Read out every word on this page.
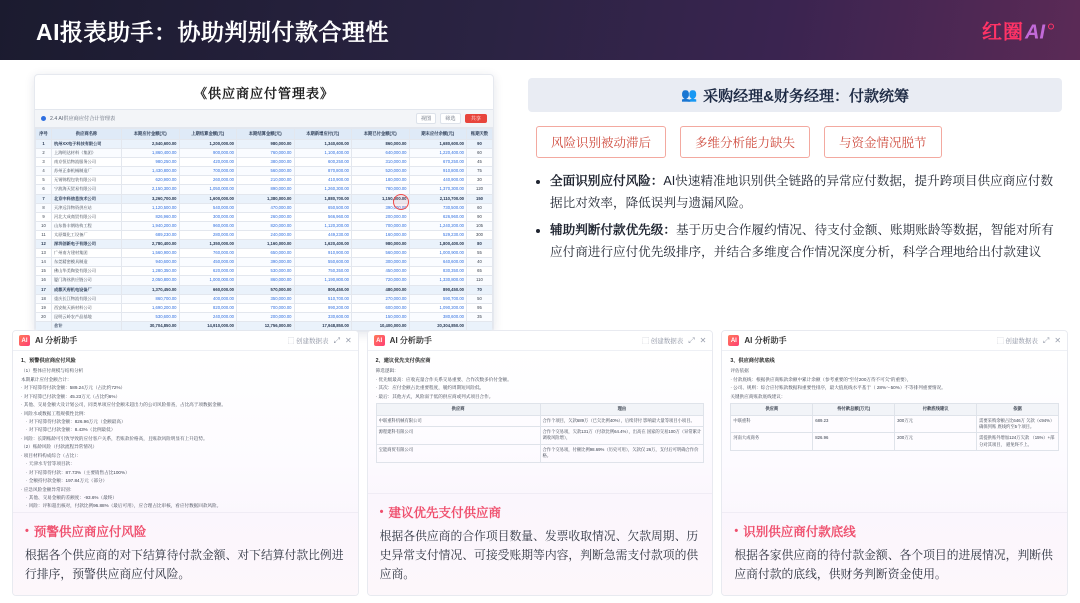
AI报表助手：协助判别付款合理性	红圈 AI
《供应商应付管理表》
2.4 AI供应商应付合计管理表	视图	筛选	共享
序号	供应商名称	本期应付金额(元)	上期结算金额(元)	本期结算金额(元)	本期新增应付(元)	本期已付金额(元)	期末应付余额(元)	账期天数
1	杭州XX电子科技有限公司	2,540,600.00	1,200,000.00	980,000.00	1,340,600.00	860,000.00	1,680,600.00	90
2	上海明达材料（集团）	1,860,400.00	900,000.00	760,000.00	1,100,400.00	640,000.00	1,220,400.00	60
3	南京恒信物流服务公司	980,250.00	420,000.00	380,000.00	600,250.00	310,000.00	670,250.00	45
4	苏州正泰机械制造厂	1,430,800.00	700,000.00	560,000.00	870,800.00	520,000.00	910,800.00	75
5	无锡锦程包装有限公司	620,900.00	260,000.00	210,000.00	410,900.00	180,000.00	440,900.00	30
6	宁波海天贸易有限公司	2,150,300.00	1,050,000.00	890,000.00	1,260,300.00	780,000.00	1,370,300.00	120
7	北京中科信息技术公司	3,260,700.00	1,600,000.00	1,380,000.00	1,880,700.00	1,150,000.00	2,110,700.00	150
8	天津远洋物资供应站	1,120,500.00	540,000.00	470,000.00	650,500.00	390,000.00	730,500.00	60
9	河北大成商贸有限公司	826,960.00	300,000.00	260,000.00	566,960.00	200,000.00	626,960.00	90
10	山东鲁丰钢结构工程	1,940,200.00	960,000.00	820,000.00	1,120,200.00	700,000.00	1,240,200.00	105
11	太原煤化工设备厂	689,230.00	280,000.00	240,000.00	449,230.00	160,000.00	529,230.00	300
12	深圳创新电子有限公司	2,780,400.00	1,350,000.00	1,160,000.00	1,620,400.00	980,000.00	1,800,400.00	80
13	广州南方建材集团	1,560,900.00	760,000.00	650,000.00	910,900.00	560,000.00	1,000,900.00	55
14	东莞精密模具制造	940,600.00	450,000.00	390,000.00	550,600.00	300,000.00	640,600.00	40
15	佛山华美陶瓷有限公司	1,280,350.00	620,000.00	530,000.00	750,350.00	450,000.00	830,350.00	65
16	厦门海丝供应链公司	2,050,800.00	1,000,000.00	860,000.00	1,190,800.00	720,000.00	1,330,800.00	110
17	成都天府机电设备厂	1,370,450.00	660,000.00	570,000.00	800,450.00	480,000.00	890,450.00	70
18	重庆长江物流有限公司	860,700.00	400,000.00	350,000.00	510,700.00	270,000.00	590,700.00	50
19	西安航天新材料公司	1,690,200.00	820,000.00	700,000.00	990,200.00	600,000.00	1,090,200.00	95
20	昆明云岭农产品基地	530,600.00	240,000.00	200,000.00	330,600.00	150,000.00	380,600.00	35
	合计	30,704,850.00	14,910,000.00	12,756,000.00	17,948,850.00	10,400,000.00	20,304,850.00	
👥 采购经理&财务经理：付款统筹
风险识别被动滞后	多维分析能力缺失	与资金情况脱节
• 全面识别应付风险：AI快速精准地识别供全链路的异常应付数据，提升跨项目供应商应付数据比对效率，降低误判与遗漏风险。
• 辅助判断付款优先级：基于历史合作履约情况、待支付金额、账期账龄等数据，智能对所有应付商进行应付优先级排序，并结合多维度合作情况深度分析，科学合理地给出付款建议
AI AI 分析助手	⬚ 创建数据表 ⤢ ✕
1、预警供应商应付风险

（1）整体应付规模与结构分析

本期累计应付金额合计：

· 对下结算待付款金额：589.24万元（占比约72%）

· 对下结算已付款金额：45.23万元（占比约6%）

· 其他、交易金额大及计划公司，同类单项应付金额未超出力的公司风险排查，占比高于项数据金额。

· 风险水或数据工程规模性比例：

· 对下结算待付款金额：826.96万元（金额最高）

· 对下结算已付款金额：8.43%（比例最低）

· 风险：长期账龄可引致导致的应付客户关系，若账款价格高，且账款风险明显有上升趋势。

（2）账龄风险（付款流程异常情况）

· 项目材料构成综合（占比）：

· 天津水专营等项目款：

· 对下结算待付款：87.73%（主要销售占比100%）

· 全额持付款金额：197.84万元（部分）

· 应急风险金额异常识别：

· 其他、交易金额的差额度：-93.6%（最终）

· 风险：评和超出核对，付款比例96.88%（最后可用），应合理占比审核，看应付数据回款风险。

• 预警供应商应付风险
根据各个供应商的对下结算待付款金额、对下结算付款比例进行排序，预警供应商应付风险。
AI AI 分析助手	⬚ 创建数据表 ⤢ ✕
2、建议优先支付供应商

筛选逻辑：

· 优先级最高：应收充量合作关系交易重要、合作次数多价付金额。

· 其次：应付金额占比重要程度，履约周期短风险低。

· 最后：其他方式，风险弱于低的供应商或列式项目合作。

供应商	理由
中联重科机械有限公司	合作个项目，欠款689万（已欠比例40%），后续待付 影响最大量等项目小项目。
源程建科有限公司	合作个交易项，欠款131万（付款比例64.4%），出高在 国家的交易100万（异常累计调收风险增），
宝能商贸有限公司	合作个交易项，付额比例98.69%（历史可用），欠款仅 26万，支付后可明确合作价格。
• 建议优先支付供应商
根据各供应商的合作项目数量、发票收取情况、欠款周期、历史异常支付情况、可接受账期等内容，判断急需支付款项的供应商。
AI AI 分析助手	⬚ 创建数据表 ⤢ ✕
3、供应商付款底线

评估依据

· 付款底线：根据供应商账款余额中累计余额（参考重要的“至付200万待不可欠”的重要），

· 公司、规则：综合应付账款数据和重要性排序，最大值底线水平基于（ 28%～50%）不等排列重要情况。

关键供应商账款底线建议：

供应商	待付款总额(万元)	付款底线建议	依据
中联重科	689.23	300万元	需要采购余额占比646万 欠款（≤94%）确保到账 底线约至5个项目。
河南大成商务	826.96	200万元	需提供账外增加124万欠款 （15%）+部分对其项目， 避免终不上。
• 识别供应商付款底线
根据各家供应商的待付款金额、各个项目的进展情况，判断供应商付款的底线，供财务判断资金使用。
